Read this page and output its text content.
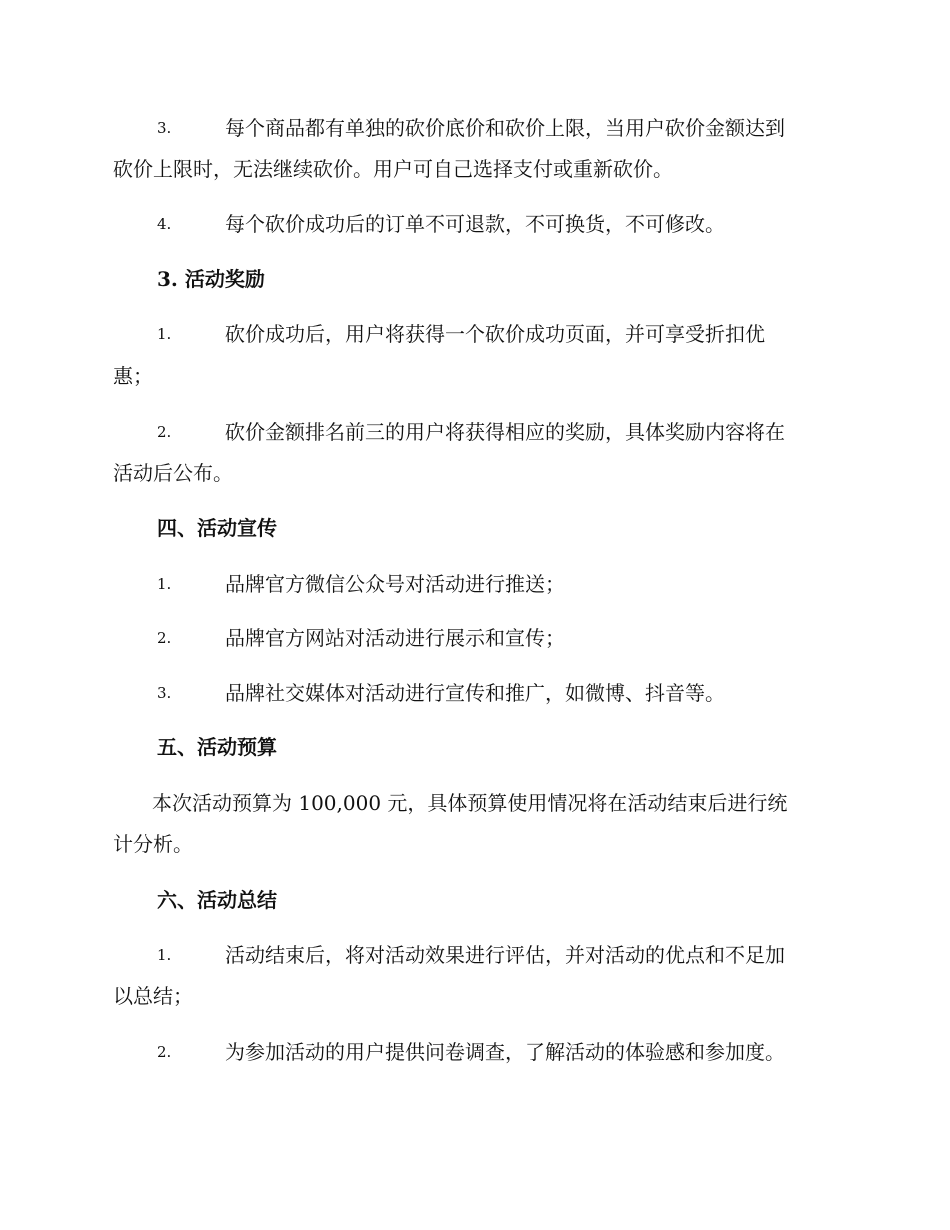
3.	每个商品都有单独的砍价底价和砍价上限，当用户砍价金额达到
砍价上限时，无法继续砍价。用户可自己选择支付或重新砍价。
4.	每个砍价成功后的订单不可退款，不可换货，不可修改。
3. 活动奖励
1.	砍价成功后，用户将获得一个砍价成功页面，并可享受折扣优
惠；
2.	砍价金额排名前三的用户将获得相应的奖励，具体奖励内容将在
活动后公布。
四、活动宣传
1.	品牌官方微信公众号对活动进行推送；
2.	品牌官方网站对活动进行展示和宣传；
3.	品牌社交媒体对活动进行宣传和推广，如微博、抖音等。
五、活动预算
本次活动预算为 100,000 元，具体预算使用情况将在活动结束后进行统
计分析。
六、活动总结
1.	活动结束后，将对活动效果进行评估，并对活动的优点和不足加
以总结；
2.	为参加活动的用户提供问卷调查，了解活动的体验感和参加度。
